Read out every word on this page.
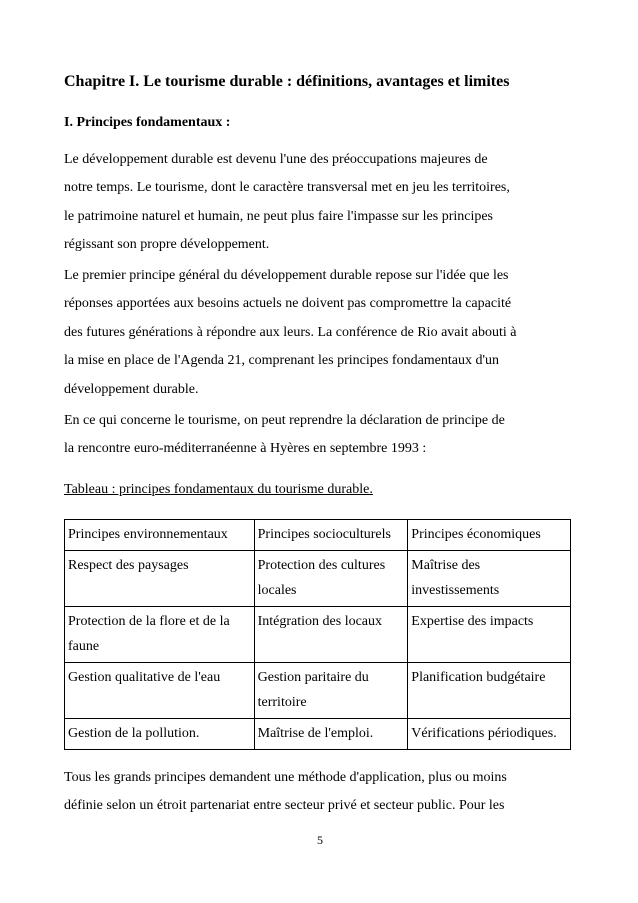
Chapitre I. Le tourisme durable : définitions, avantages et limites
I. Principes fondamentaux :

Le développement durable est devenu l'une des préoccupations majeures de
notre temps. Le tourisme, dont le caractère transversal met en jeu les territoires,
le patrimoine naturel et humain, ne peut plus faire l'impasse sur les principes
régissant son propre développement.

Le premier principe général du développement durable repose sur l'idée que les
réponses apportées aux besoins actuels ne doivent pas compromettre la capacité
des futures générations à répondre aux leurs. La conférence de Rio avait abouti à
la mise en place de l'Agenda 21, comprenant les principes fondamentaux d'un
développement durable.

En ce qui concerne le tourisme, on peut reprendre la déclaration de principe de
la rencontre euro-méditerranéenne à Hyères en septembre 1993 :

Tableau : principes fondamentaux du tourisme durable.
Principes environnementaux	Principes socioculturels	Principes économiques
Respect des paysages	Protection des cultures locales	Maîtrise des investissements
Protection de la flore et de la faune	Intégration des locaux	Expertise des impacts
Gestion qualitative de l'eau	Gestion paritaire du territoire	Planification budgétaire
Gestion de la pollution.	Maîtrise de l'emploi.	Vérifications périodiques.

Tous les grands principes demandent une méthode d'application, plus ou moins
définie selon un étroit partenariat entre secteur privé et secteur public. Pour les

5
